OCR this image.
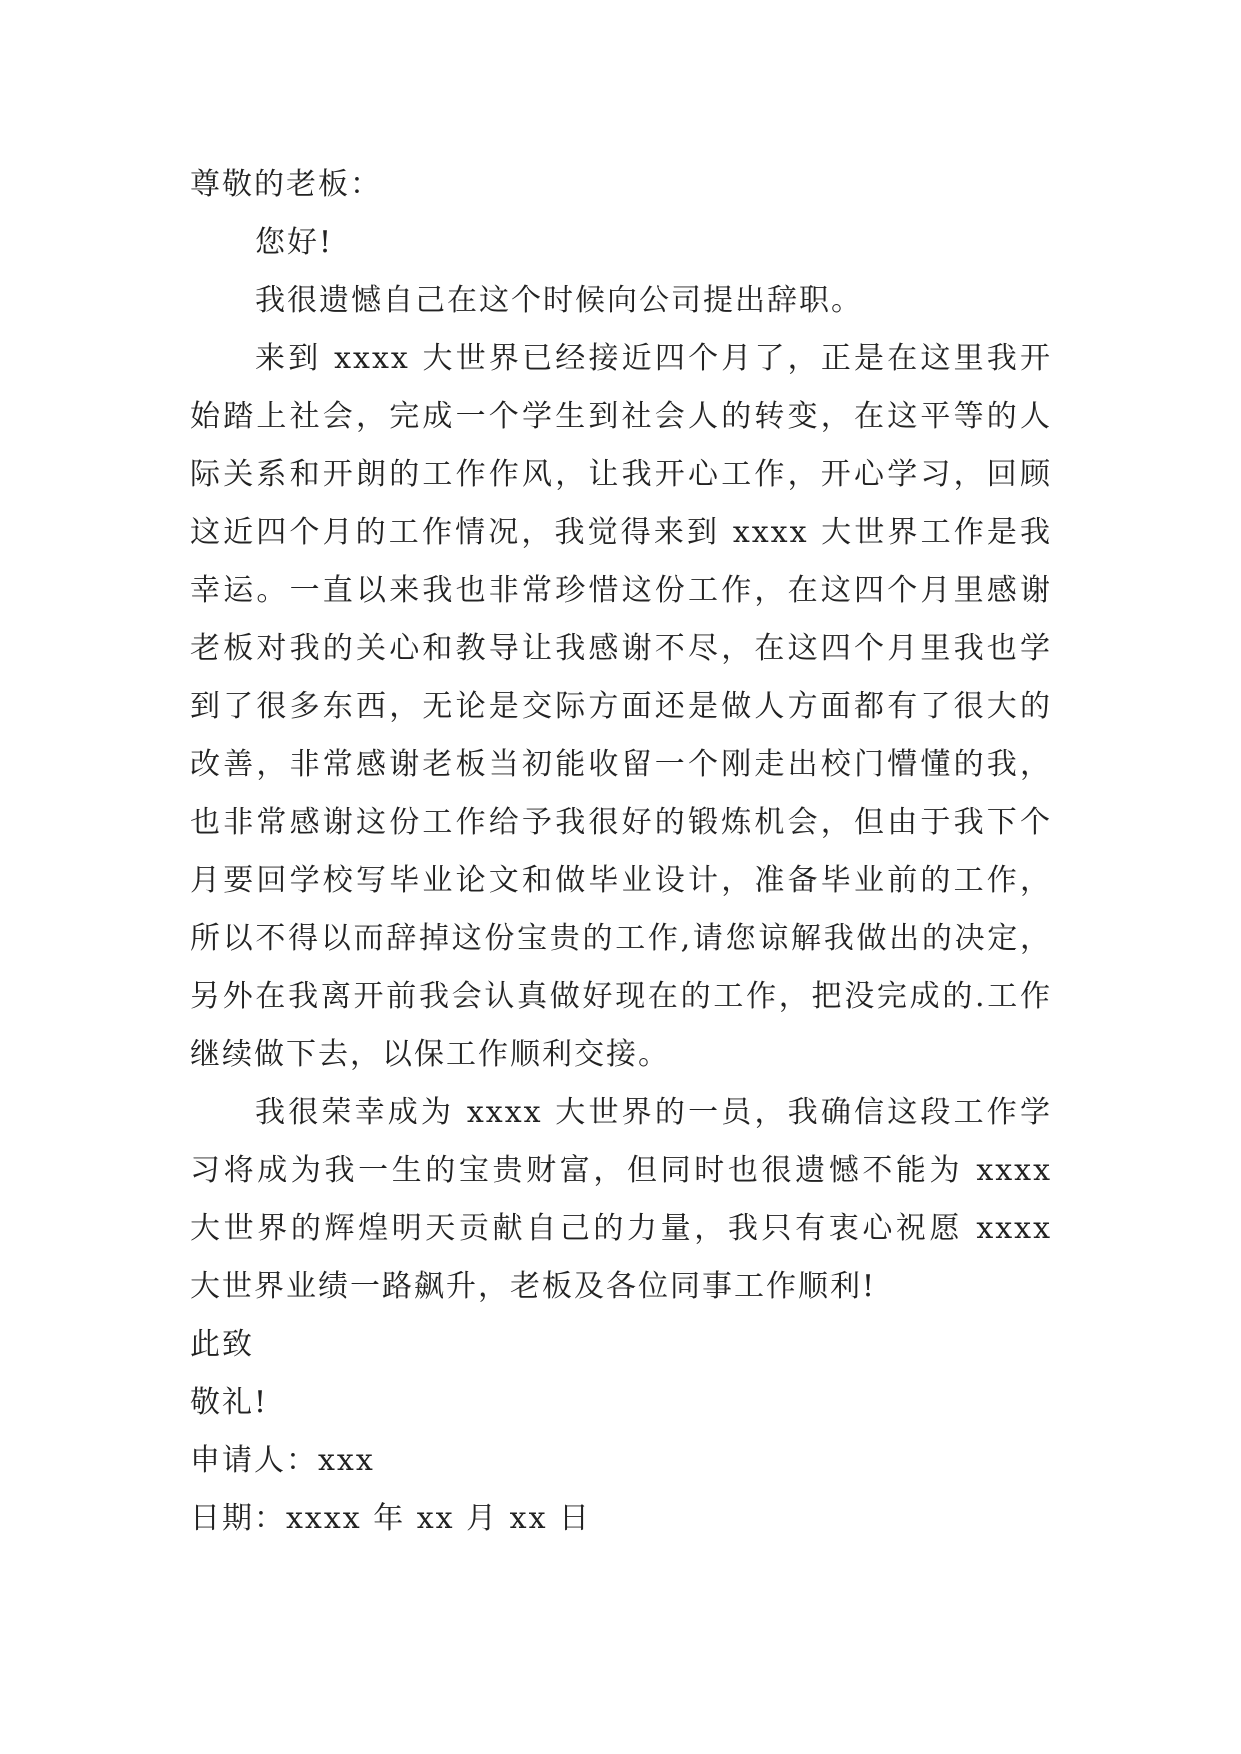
尊敬的老板：

您好!

我很遗憾自己在这个时候向公司提出辞职。

来到 xxxx 大世界已经接近四个月了，正是在这里我开始踏上社会，完成一个学生到社会人的转变，在这平等的人际关系和开朗的工作作风，让我开心工作，开心学习，回顾这近四个月的工作情况，我觉得来到 xxxx 大世界工作是我幸运。一直以来我也非常珍惜这份工作，在这四个月里感谢老板对我的关心和教导让我感谢不尽，在这四个月里我也学到了很多东西，无论是交际方面还是做人方面都有了很大的改善，非常感谢老板当初能收留一个刚走出校门懵懂的我，也非常感谢这份工作给予我很好的锻炼机会，但由于我下个月要回学校写毕业论文和做毕业设计，准备毕业前的工作，所以不得以而辞掉这份宝贵的工作,请您谅解我做出的决定，另外在我离开前我会认真做好现在的工作，把没完成的.工作继续做下去，以保工作顺利交接。

我很荣幸成为 xxxx 大世界的一员，我确信这段工作学习将成为我一生的宝贵财富，但同时也很遗憾不能为 xxxx 大世界的辉煌明天贡献自己的力量，我只有衷心祝愿 xxxx 大世界业绩一路飙升，老板及各位同事工作顺利!

此致

敬礼!

申请人：xxx

日期：xxxx 年 xx 月 xx 日
